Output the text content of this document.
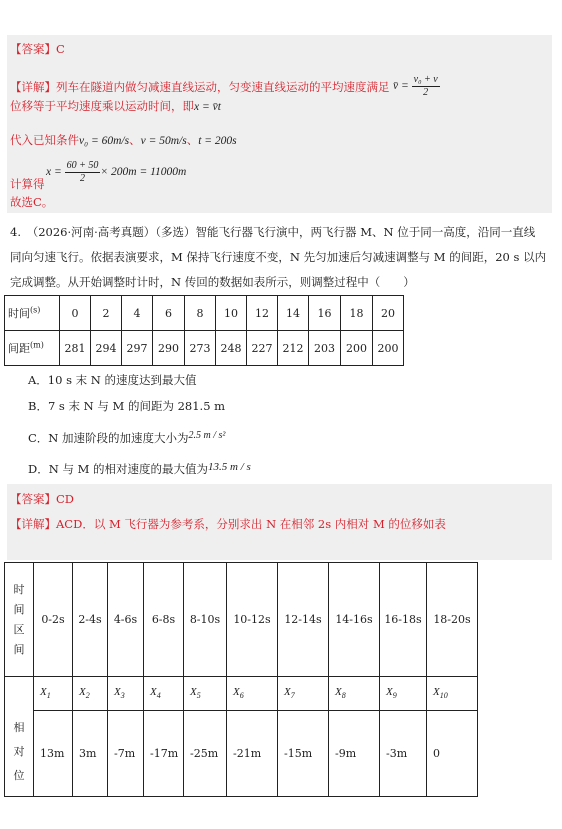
【答案】C
【详解】列车在隧道内做匀减速直线运动，匀变速直线运动的平均速度满足 v̄ = $\frac{\text{v₀ + v}}{2}$
位移等于平均速度乘以运动时间，即x = v̄t
代入已知条件v₀ = 60m/s、v = 50m/s、t = 200s
$x = \frac{60 + 50}{2} \times 200m = 11000m$
计算得
故选C。
4.　（2026·河南·高考真题）（多选）智能飞行器飞行演中，两飞行器 M、N 位于同一高度，沿同一直线
同向匀速飞行。依据表演要求，M 保持飞行速度不变，N 先匀加速后匀减速调整与 M 的间距，20 s 以内
完成调整。从开始调整时计时，N 传回的数据如表所示，则调整过程中（　　）
时间$^{(s)}$	0	2	4	6	8	10	12	14	16	18	20
间距$^{(m)}$	281	294	297	290	273	248	227	212	203	200	200
A．10 s 末 N 的速度达到最大值
B．7 s 末 N 与 M 的间距为 281.5 m
C．N 加速阶段的加速度大小为2.5 m / s²
D．N 与 M 的相对速度的最大值为13.5 m / s
【答案】CD
【详解】ACD．以 M 飞行器为参考系，分别求出 N 在相邻 2s 内相对 M 的位移如表
时
间
区
间	0-2s	2-4s	4-6s	6-8s	8-10s	10-12s	12-14s	14-16s	16-18s	18-20s

相
对
位	$X_1$	$X_2$	$X_3$	$X_4$	$X_5$	$X_6$	$X_7$	$X_8$	$X_9$	$X_{10}$
	13m	3m	-7m	-17m	-25m	-21m	-15m	-9m	-3m	0
